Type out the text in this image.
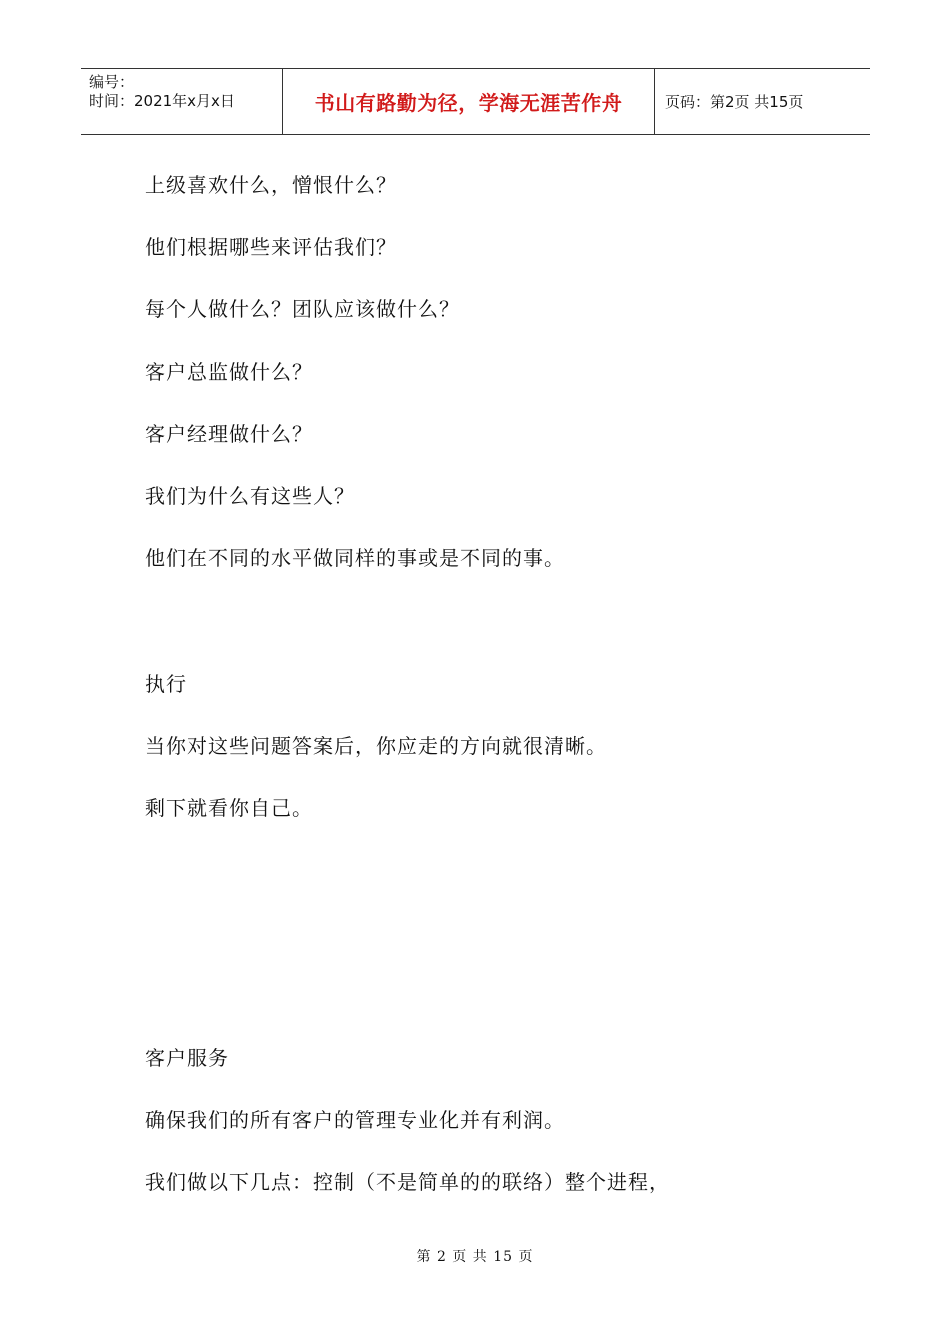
编号：
时间：2021年x月x日	书山有路勤为径，学海无涯苦作舟	页码：第2页 共15页
上级喜欢什么，憎恨什么？
他们根据哪些来评估我们？
每个人做什么？团队应该做什么？
客户总监做什么？
客户经理做什么？
我们为什么有这些人？
他们在不同的水平做同样的事或是不同的事。
执行
当你对这些问题答案后，你应走的方向就很清晰。
剩下就看你自己。
客户服务
确保我们的所有客户的管理专业化并有利润。
我们做以下几点：控制（不是简单的的联络）整个进程，
第 2 页 共 15 页
